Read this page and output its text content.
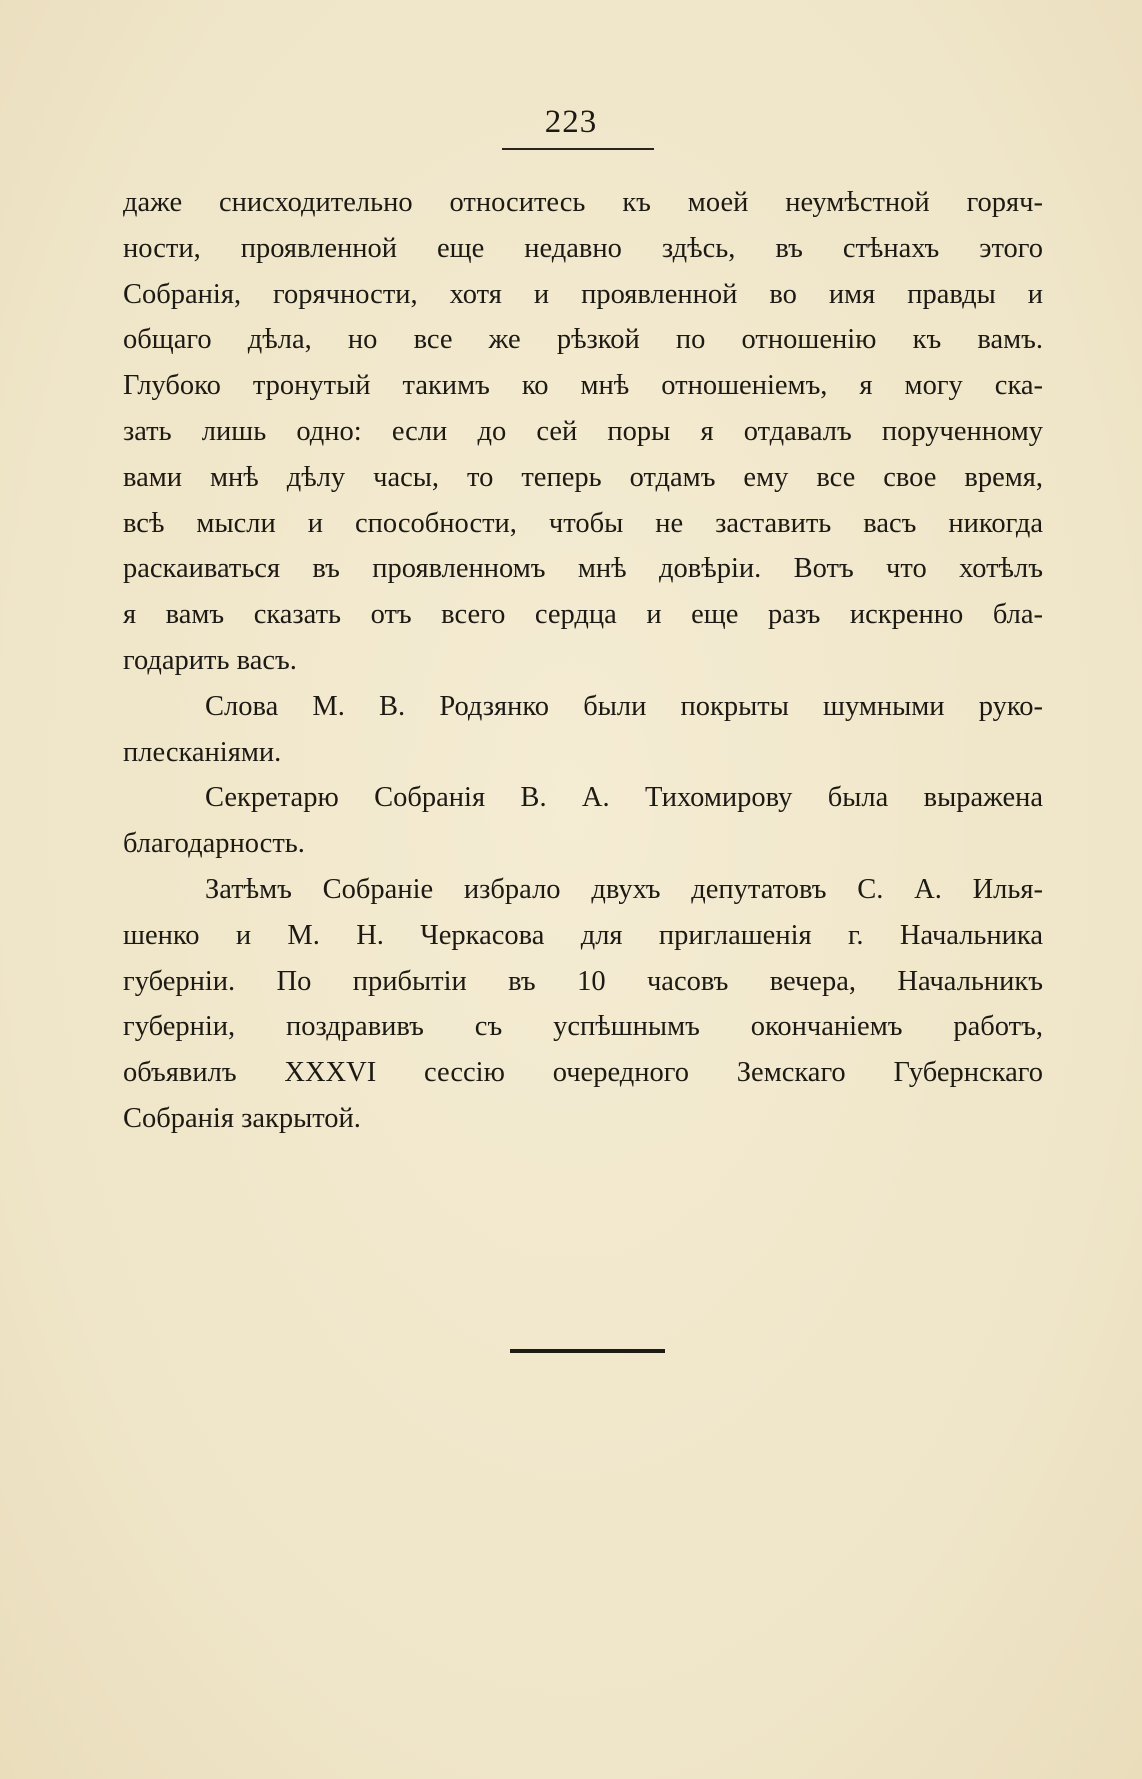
223
даже снисходительно относитесь къ моей неумѣстной горяч-
ности, проявленной еще недавно здѣсь, въ стѣнахъ этого
Собранія, горячности, хотя и проявленной во имя правды и
общаго дѣла, но все же рѣзкой по отношенію къ вамъ.
Глубоко тронутый такимъ ко мнѣ отношеніемъ, я могу ска-
зать лишь одно: если до сей поры я отдавалъ порученному
вами мнѣ дѣлу часы, то теперь отдамъ ему все свое время,
всѣ мысли и способности, чтобы не заставить васъ никогда
раскаиваться въ проявленномъ мнѣ довѣріи. Вотъ что хотѣлъ
я вамъ сказать отъ всего сердца и еще разъ искренно бла-
годарить васъ.
Слова М. В. Родзянко были покрыты шумными руко-
плесканіями.
Секретарю Собранія В. А. Тихомирову была выражена
благодарность.
Затѣмъ Собраніе избрало двухъ депутатовъ С. А. Илья-
шенко и М. Н. Черкасова для приглашенія г. Начальника
губерніи. По прибытіи въ 10 часовъ вечера, Начальникъ
губерніи, поздравивъ съ успѣшнымъ окончаніемъ работъ,
объявилъ XXXVI сессію очередного Земскаго Губернскаго
Собранія закрытой.
